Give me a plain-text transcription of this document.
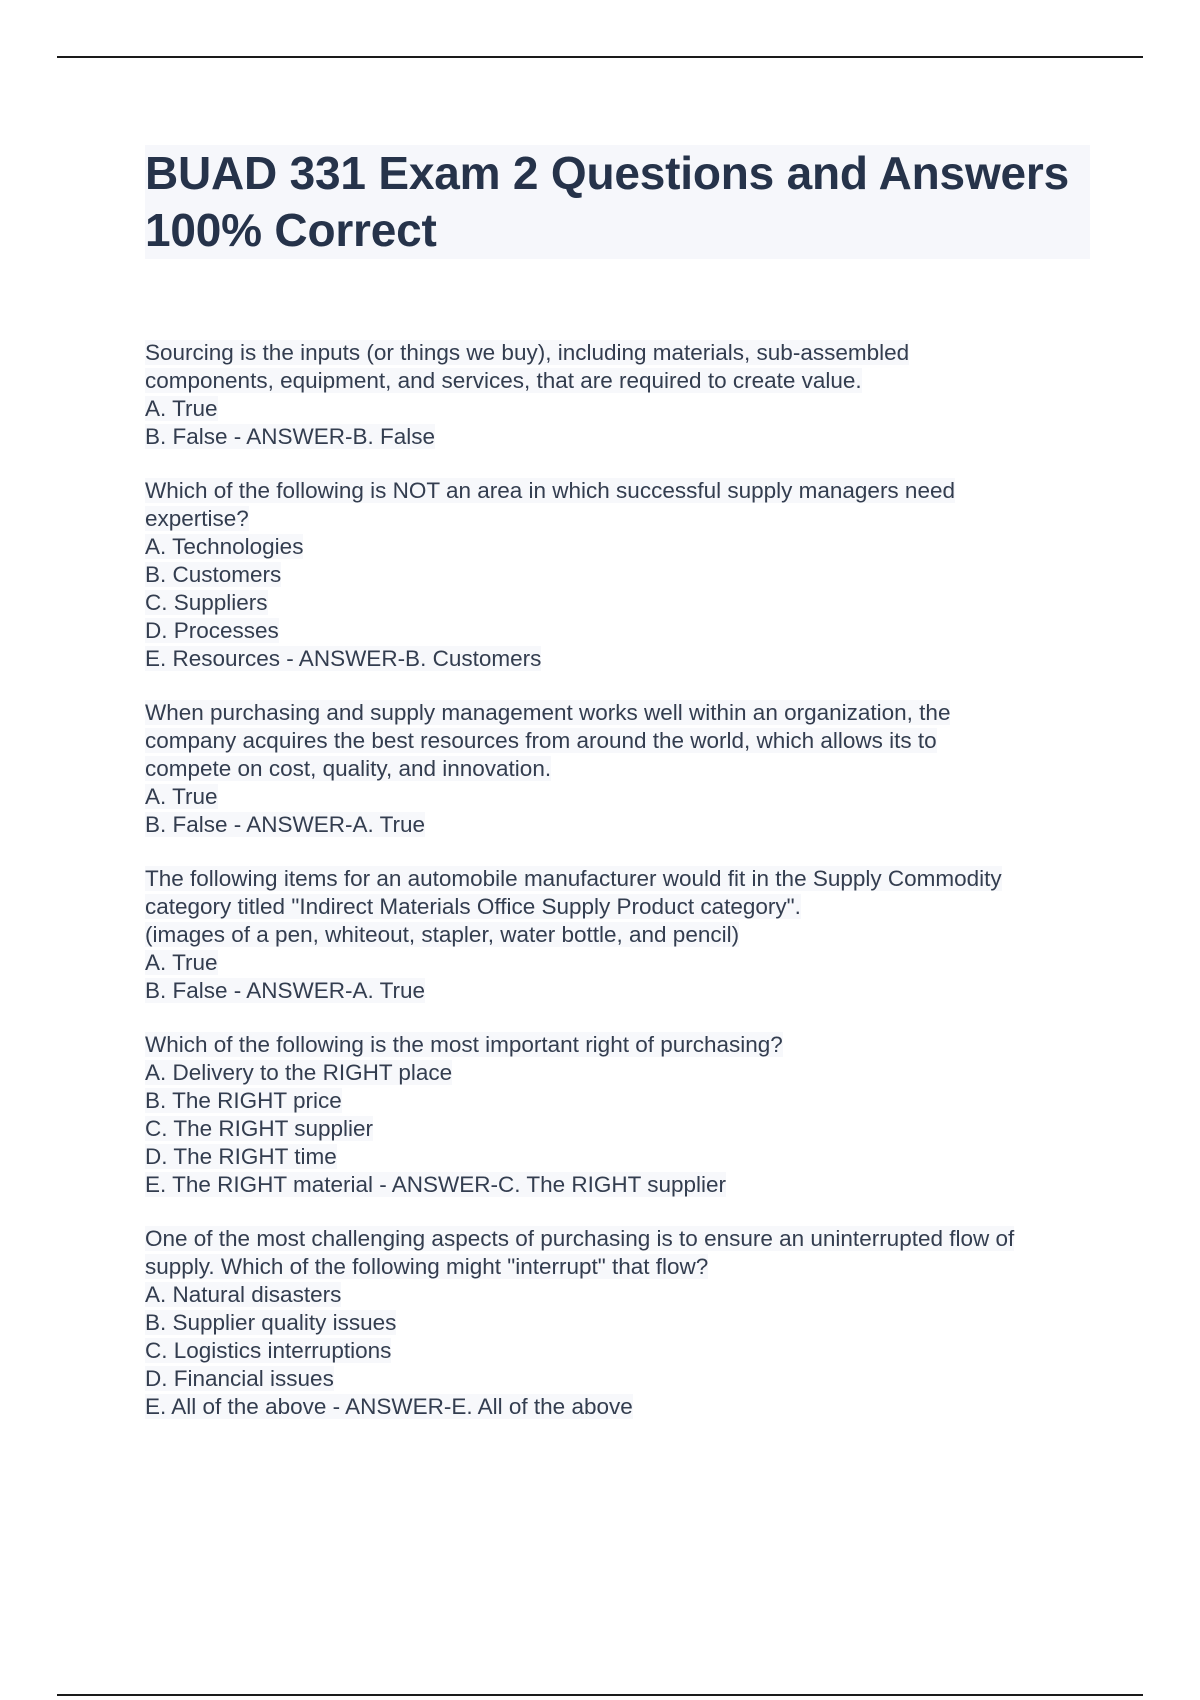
BUAD 331 Exam 2 Questions and Answers 100% Correct
Sourcing is the inputs (or things we buy), including materials, sub-assembled
components, equipment, and services, that are required to create value.
A. True
B. False - ANSWER-B. False
Which of the following is NOT an area in which successful supply managers need
expertise?
A. Technologies
B. Customers
C. Suppliers
D. Processes
E. Resources - ANSWER-B. Customers
When purchasing and supply management works well within an organization, the
company acquires the best resources from around the world, which allows its to
compete on cost, quality, and innovation.
A. True
B. False - ANSWER-A. True
The following items for an automobile manufacturer would fit in the Supply Commodity
category titled "Indirect Materials Office Supply Product category".
(images of a pen, whiteout, stapler, water bottle, and pencil)
A. True
B. False - ANSWER-A. True
Which of the following is the most important right of purchasing?
A. Delivery to the RIGHT place
B. The RIGHT price
C. The RIGHT supplier
D. The RIGHT time
E. The RIGHT material - ANSWER-C. The RIGHT supplier
One of the most challenging aspects of purchasing is to ensure an uninterrupted flow of
supply. Which of the following might "interrupt" that flow?
A. Natural disasters
B. Supplier quality issues
C. Logistics interruptions
D. Financial issues
E. All of the above - ANSWER-E. All of the above
